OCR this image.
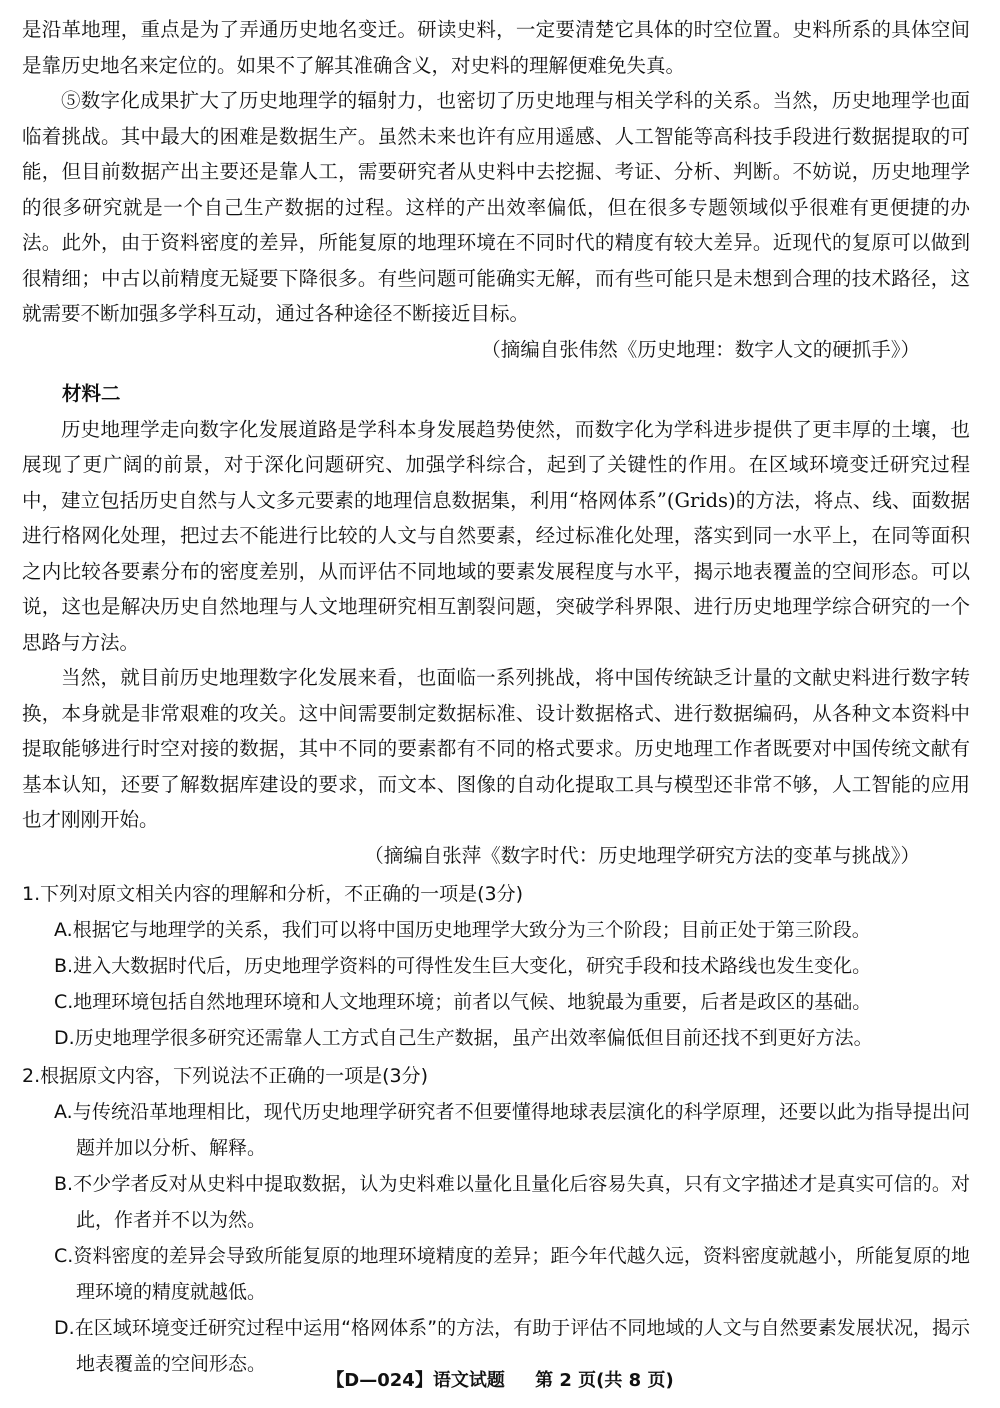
是沿革地理，重点是为了弄通历史地名变迁。研读史料，一定要清楚它具体的时空位置。史料所系的具体空间是靠历史地名来定位的。如果不了解其准确含义，对史料的理解便难免失真。

⑤数字化成果扩大了历史地理学的辐射力，也密切了历史地理与相关学科的关系。当然，历史地理学也面临着挑战。其中最大的困难是数据生产。虽然未来也许有应用遥感、人工智能等高科技手段进行数据提取的可能，但目前数据产出主要还是靠人工，需要研究者从史料中去挖掘、考证、分析、判断。不妨说，历史地理学的很多研究就是一个自己生产数据的过程。这样的产出效率偏低，但在很多专题领域似乎很难有更便捷的办法。此外，由于资料密度的差异，所能复原的地理环境在不同时代的精度有较大差异。近现代的复原可以做到很精细；中古以前精度无疑要下降很多。有些问题可能确实无解，而有些可能只是未想到合理的技术路径，这就需要不断加强多学科互动，通过各种途径不断接近目标。

（摘编自张伟然《历史地理：数字人文的硬抓手》）

材料二

历史地理学走向数字化发展道路是学科本身发展趋势使然，而数字化为学科进步提供了更丰厚的土壤，也展现了更广阔的前景，对于深化问题研究、加强学科综合，起到了关键性的作用。在区域环境变迁研究过程中，建立包括历史自然与人文多元要素的地理信息数据集，利用“格网体系”(Grids)的方法，将点、线、面数据进行格网化处理，把过去不能进行比较的人文与自然要素，经过标准化处理，落实到同一水平上，在同等面积之内比较各要素分布的密度差别，从而评估不同地域的要素发展程度与水平，揭示地表覆盖的空间形态。可以说，这也是解决历史自然地理与人文地理研究相互割裂问题，突破学科界限、进行历史地理学综合研究的一个思路与方法。

当然，就目前历史地理数字化发展来看，也面临一系列挑战，将中国传统缺乏计量的文献史料进行数字转换，本身就是非常艰难的攻关。这中间需要制定数据标准、设计数据格式、进行数据编码，从各种文本资料中提取能够进行时空对接的数据，其中不同的要素都有不同的格式要求。历史地理工作者既要对中国传统文献有基本认知，还要了解数据库建设的要求，而文本、图像的自动化提取工具与模型还非常不够，人工智能的应用也才刚刚开始。

（摘编自张萍《数字时代：历史地理学研究方法的变革与挑战》）

1.下列对原文相关内容的理解和分析，不正确的一项是(3分)

A.根据它与地理学的关系，我们可以将中国历史地理学大致分为三个阶段；目前正处于第三阶段。

B.进入大数据时代后，历史地理学资料的可得性发生巨大变化，研究手段和技术路线也发生变化。

C.地理环境包括自然地理环境和人文地理环境；前者以气候、地貌最为重要，后者是政区的基础。

D.历史地理学很多研究还需靠人工方式自己生产数据，虽产出效率偏低但目前还找不到更好方法。

2.根据原文内容，下列说法不正确的一项是(3分)

A.与传统沿革地理相比，现代历史地理学研究者不但要懂得地球表层演化的科学原理，还要以此为指导提出问题并加以分析、解释。

B.不少学者反对从史料中提取数据，认为史料难以量化且量化后容易失真，只有文字描述才是真实可信的。对此，作者并不以为然。

C.资料密度的差异会导致所能复原的地理环境精度的差异；距今年代越久远，资料密度就越小，所能复原的地理环境的精度就越低。

D.在区域环境变迁研究过程中运用“格网体系”的方法，有助于评估不同地域的人文与自然要素发展状况，揭示地表覆盖的空间形态。

【D—024】语文试题 第 2 页(共 8 页)
